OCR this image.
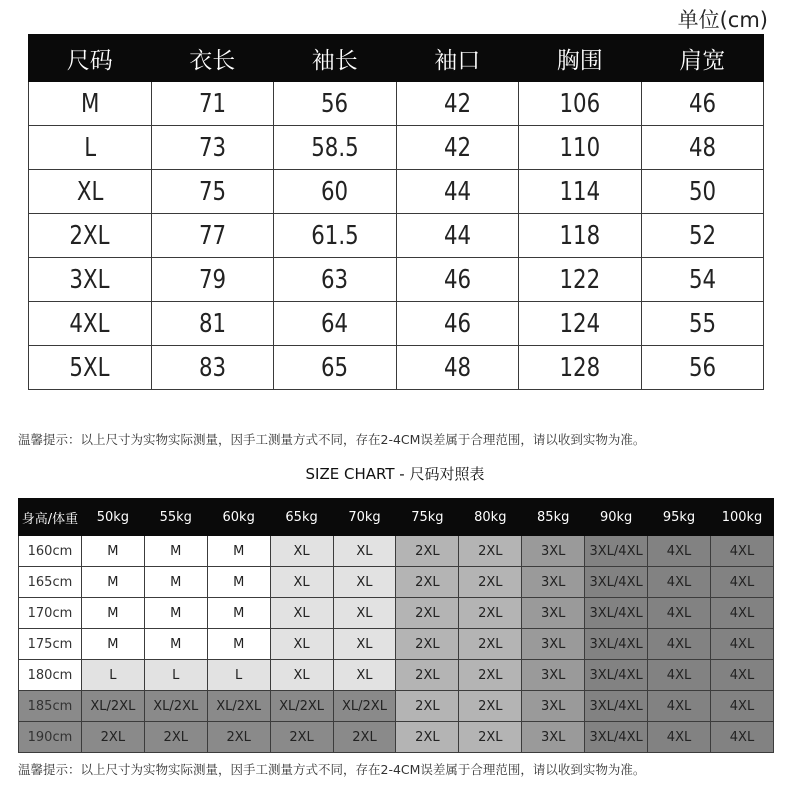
单位(cm)
尺码	衣长	袖长	袖口	胸围	肩宽
M	71	56	42	106	46
L	73	58.5	42	110	48
XL	75	60	44	114	50
2XL	77	61.5	44	118	52
3XL	79	63	46	122	54
4XL	81	64	46	124	55
5XL	83	65	48	128	56
温馨提示：以上尺寸为实物实际测量，因手工测量方式不同，存在2-4CM误差属于合理范围，请以收到实物为准。
SIZE CHART - 尺码对照表
身高/体重	50kg	55kg	60kg	65kg	70kg	75kg	80kg	85kg	90kg	95kg	100kg
160cm	M	M	M	XL	XL	2XL	2XL	3XL	3XL/4XL	4XL	4XL
165cm	M	M	M	XL	XL	2XL	2XL	3XL	3XL/4XL	4XL	4XL
170cm	M	M	M	XL	XL	2XL	2XL	3XL	3XL/4XL	4XL	4XL
175cm	M	M	M	XL	XL	2XL	2XL	3XL	3XL/4XL	4XL	4XL
180cm	L	L	L	XL	XL	2XL	2XL	3XL	3XL/4XL	4XL	4XL
185cm	XL/2XL	XL/2XL	XL/2XL	XL/2XL	XL/2XL	2XL	2XL	3XL	3XL/4XL	4XL	4XL
190cm	2XL	2XL	2XL	2XL	2XL	2XL	2XL	3XL	3XL/4XL	4XL	4XL
温馨提示：以上尺寸为实物实际测量，因手工测量方式不同，存在2-4CM误差属于合理范围，请以收到实物为准。
